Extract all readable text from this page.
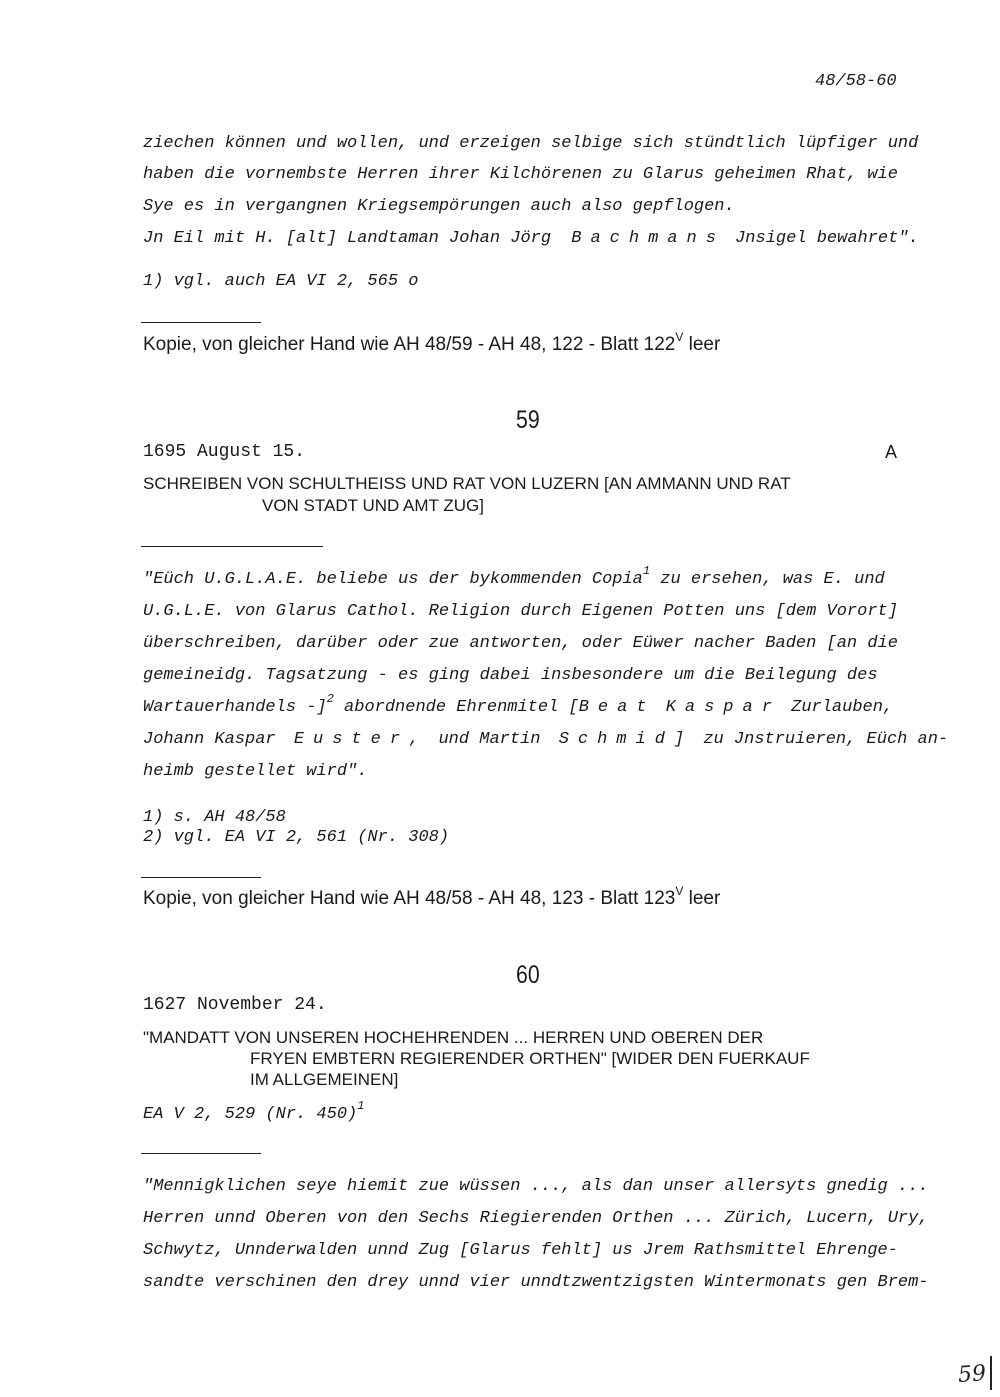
48/58-60
ziechen können und wollen, und erzeigen selbige sich stündtlich lüpfiger und
haben die vornembste Herren ihrer Kilchörenen zu Glarus geheimen Rhat, wie
Sye es in vergangnen Kriegsempörungen auch also gepflogen.
Jn Eil mit H. [alt] Landtaman Johan Jörg Bachmans Jnsigel bewahret".
1) vgl. auch EA VI 2, 565 o
Kopie, von gleicher Hand wie AH 48/59 - AH 48, 122 - Blatt $122^V$ leer
59
1695 August 15.	A
SCHREIBEN VON SCHULTHEISS UND RAT VON LUZERN [AN AMMANN UND RAT
VON STADT UND AMT ZUG]
"Eüch U.G.L.A.E. beliebe us der bykommenden Copia$^1$ zu ersehen, was E. und
U.G.L.E. von Glarus Cathol. Religion durch Eigenen Potten uns [dem Vorort]
überschreiben, darüber oder zue antworten, oder Eüwer nacher Baden [an die
gemeineidg. Tagsatzung - es ging dabei insbesondere um die Beilegung des
Wartauerhandels -]$^2$ abordnende Ehrenmitel [Beat Kaspar Zurlauben,
Johann Kaspar Euster, und Martin Schmid] zu Jnstruieren, Eüch an-
heimb gestellet wird".
1) s. AH 48/58
2) vgl. EA VI 2, 561 (Nr. 308)
Kopie, von gleicher Hand wie AH 48/58 - AH 48, 123 - Blatt $123^V$ leer
60
1627 November 24.
"MANDATT VON UNSEREN HOCHEHRENDEN ... HERREN UND OBEREN DER
FRYEN EMBTERN REGIERENDER ORTHEN" [WIDER DEN FUERKAUF
IM ALLGEMEINEN]
EA V 2, 529 (Nr. 450)$^1$
"Mennigklichen seye hiemit zue wüssen ..., als dan unser allersyts gnedig ...
Herren unnd Oberen von den Sechs Riegierenden Orthen ... Zürich, Lucern, Ury,
Schwytz, Unnderwalden unnd Zug [Glarus fehlt] us Jrem Rathsmittel Ehrenge-
sandte verschinen den drey unnd vier unndtzwentzigsten Wintermonats gen Brem-
59
